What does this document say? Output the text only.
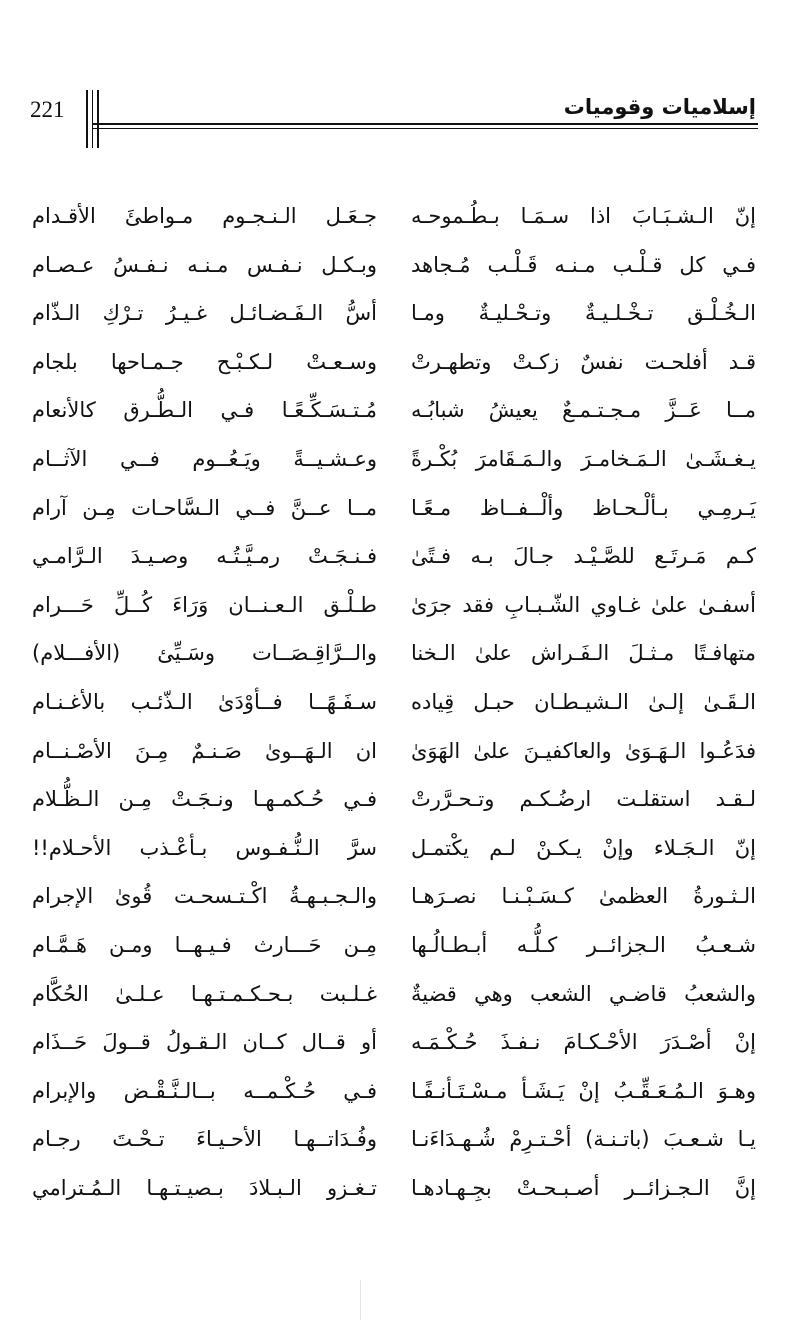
221	إسلاميات وقوميات
إنّ الـشـبَـابَ اذا سـمَـا بـطُـموحـه
جـعَـل الـنـجـوم مـواطئَ الأقـدام
فـي كل قـلْـب مـنـه قَـلْـب مُـجاهد
وبـكـل نـفـس مـنـه نـفـسُ عـصـام
الـخُـلْـق تـخْـلـيـةٌ وتـحْـليـةٌ ومـا
أسُّ الـفَـضـائـل غـيـرُ تـرْكِ الـذّام
قـد أفلحـت نفسٌ زكـتْ وتطهـرتْ
وسـعـتْ لـكـبْـح جـمـاحها بلجام
مــا عَــزَّ مـجـتـمـعٌ يعيشُ شبابُـه
مُـتـسَـكِّـعًـا فـي الـطُّـرق كالأنعام
يـغـشَـىٰ الـمَـخامـرَ والـمَـقَامرَ بُكْـرةً
وعـشـيــةً ويَـعُــوم فــي الآثــام
يَـرمِـي بـألْـحـاظ وألْــفــاظ مـعًـا
مــا عــنَّ فــي الـسَّاحـات مِـن آرام
كـم مَـرتَـع للصَّـيْـد جـالَ بـه فـتًىٰ
فـنـجَـتْ رمـيَّـتُـه وصـيـدَ الـرَّامـي
أسفـىٰ علىٰ غـاوي الشّـبـابِ فقد جرَىٰ
طـلْـق الـعـنــان وَرَاءَ كُــلِّ حَـــرام
متهافـتًا مـثـلَ الـفَـراش علىٰ الـخنا
والــرَّاقِـصَــات وسَـيِّئ (الأفـــلام)
الـقَـىٰ إلـىٰ الـشيـطـان حبـل قِياده
سـفَـهًــا فــأوْدَىٰ الـذّئـب بالأغـنـام
فدَعُـوا الـهَـوَىٰ والعاكفيـنَ علىٰ الهَوَىٰ
ان الـهَــوىٰ صَـنـمٌ مِـنَ الأصْـنــام
لـقـد استقلـت ارضُـكـم وتـحـرَّرتْ
فـي حُـكمـهـا ونـجَـتْ مِـن الـظُّـلام
إنّ الـجَـلاء وإنْ يـكـنْ لـم يكْتمـل
سرَّ الـنُّـفـوس بـأعْـذب الأحـلام!!
الـثـورةُ العظمىٰ كـسَـبْـنـا نصـرَهـا
والـجـبـهـةُ اكْـتـسحـت قُوىٰ الإجرام
شـعـبُ الـجزائــر كـلُّـه أبـطـالُـها
مِـن حَـــارث فـيـهــا ومـن هَـمَّـام
والشعبُ قاضـي الشعب وهي قضيةٌ
غـلـبت بـحـكـمـتـهـا عـلـىٰ الحُكَّام
إنْ أصْـدَرَ الأحْـكـامَ نـفـذَ حُـكْـمَـه
أو قــال كــان الـقـولُ قــولَ حَــذَام
وهـوَ الـمُـعَـقِّـبُ إنْ يَـشَـأ مـسْـتَـأنـفًـا
فـي حُـكْـمــه بــالـنَّـقْـض والإبرام
يـا شـعـبَ (باتـنـة) أحْـتـرِمْ شُـهـدَاءَنـا
وفُـدَاتــهـا الأحـيـاءَ تـحْـتَ رجـام
إنَّ الـجـزائــر أصـبـحـتْ بجِـهـادهـا
تـغـزو الـبـلادَ بـصيـتـهـا الـمُـترامي
